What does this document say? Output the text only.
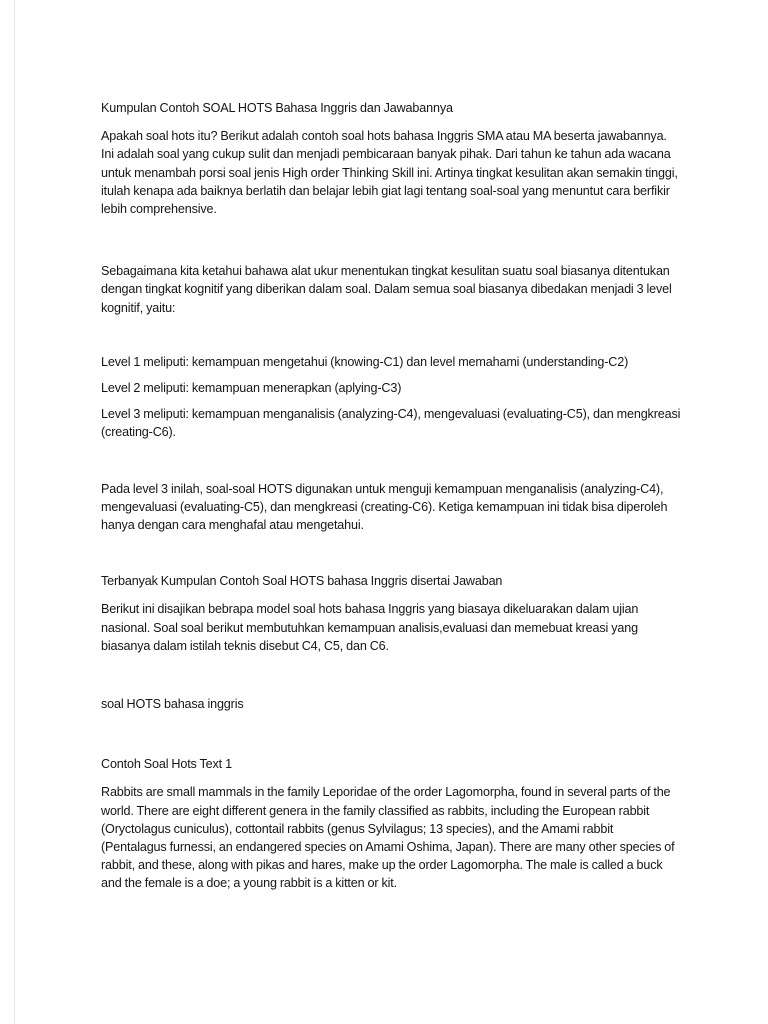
Kumpulan Contoh SOAL HOTS Bahasa Inggris dan Jawabannya

Apakah soal hots itu? Berikut adalah contoh soal hots bahasa Inggris SMA atau MA beserta jawabannya. Ini adalah soal yang cukup sulit dan menjadi pembicaraan banyak pihak. Dari tahun ke tahun ada wacana untuk menambah porsi soal jenis High order Thinking Skill ini. Artinya tingkat kesulitan akan semakin tinggi, itulah kenapa ada baiknya berlatih dan belajar lebih giat lagi tentang soal-soal yang menuntut cara berfikir lebih comprehensive.

Sebagaimana kita ketahui bahawa alat ukur menentukan tingkat kesulitan suatu soal biasanya ditentukan dengan tingkat kognitif yang diberikan dalam soal. Dalam semua soal biasanya dibedakan menjadi 3 level kognitif, yaitu:

Level 1 meliputi: kemampuan mengetahui (knowing-C1) dan level memahami (understanding-C2)

Level 2 meliputi: kemampuan menerapkan (aplying-C3)

Level 3 meliputi: kemampuan menganalisis (analyzing-C4), mengevaluasi (evaluating-C5), dan mengkreasi (creating-C6).

Pada level 3 inilah, soal-soal HOTS digunakan untuk menguji kemampuan menganalisis (analyzing-C4), mengevaluasi (evaluating-C5), dan mengkreasi (creating-C6). Ketiga kemampuan ini tidak bisa diperoleh hanya dengan cara menghafal atau mengetahui.

Terbanyak Kumpulan Contoh Soal HOTS bahasa Inggris disertai Jawaban

Berikut ini disajikan bebrapa model soal hots bahasa Inggris yang biasaya dikeluarakan dalam ujian nasional. Soal soal berikut membutuhkan kemampuan analisis,evaluasi dan memebuat kreasi yang biasanya dalam istilah teknis disebut C4, C5, dan C6.

soal HOTS bahasa inggris

Contoh Soal Hots Text 1

Rabbits are small mammals in the family Leporidae of the order Lagomorpha, found in several parts of the world. There are eight different genera in the family classified as rabbits, including the European rabbit (Oryctolagus cuniculus), cottontail rabbits (genus Sylvilagus; 13 species), and the Amami rabbit (Pentalagus furnessi, an endangered species on Amami Oshima, Japan). There are many other species of rabbit, and these, along with pikas and hares, make up the order Lagomorpha. The male is called a buck and the female is a doe; a young rabbit is a kitten or kit.
